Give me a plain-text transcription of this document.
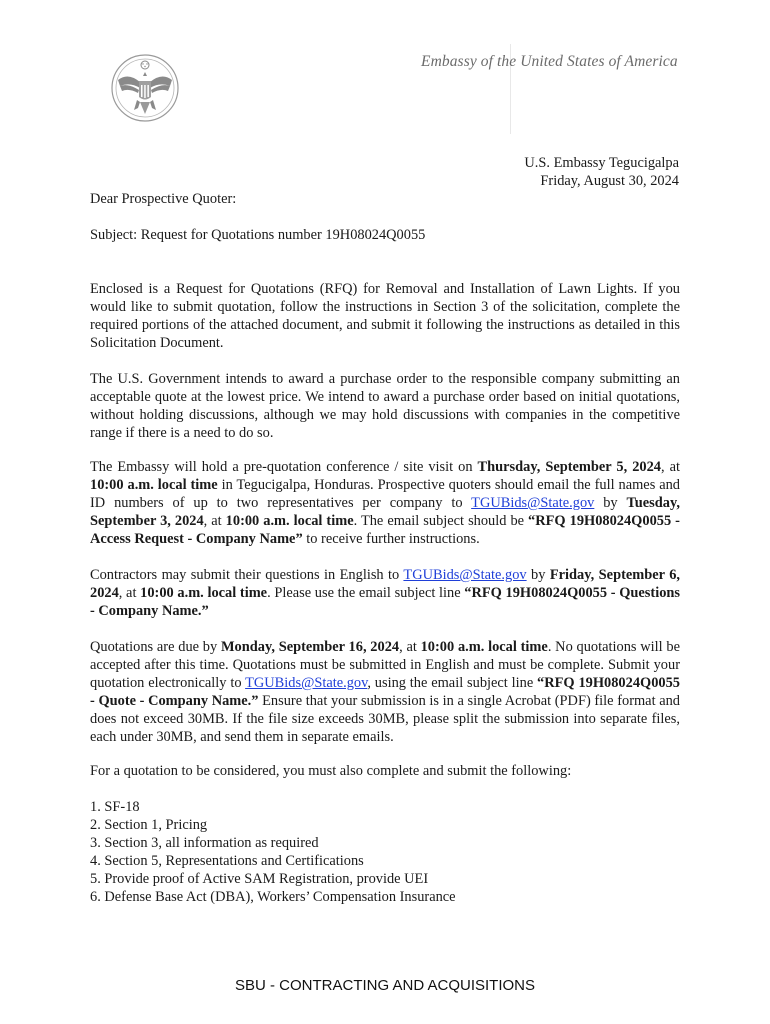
Embassy of the United States of America
U.S. Embassy Tegucigalpa
Friday, August 30, 2024
Dear Prospective Quoter:
Subject: Request for Quotations number 19H08024Q0055

Enclosed is a Request for Quotations (RFQ) for Removal and Installation of Lawn Lights. If you would like to submit quotation, follow the instructions in Section 3 of the solicitation, complete the required portions of the attached document, and submit it following the instructions as detailed in this Solicitation Document.

The U.S. Government intends to award a purchase order to the responsible company submitting an acceptable quote at the lowest price. We intend to award a purchase order based on initial quotations, without holding discussions, although we may hold discussions with companies in the competitive range if there is a need to do so.

The Embassy will hold a pre-quotation conference / site visit on Thursday, September 5, 2024, at 10:00 a.m. local time in Tegucigalpa, Honduras. Prospective quoters should email the full names and ID numbers of up to two representatives per company to TGUBids@State.gov by Tuesday, September 3, 2024, at 10:00 a.m. local time. The email subject should be “RFQ 19H08024Q0055 - Access Request - Company Name” to receive further instructions.

Contractors may submit their questions in English to TGUBids@State.gov by Friday, September 6, 2024, at 10:00 a.m. local time. Please use the email subject line “RFQ 19H08024Q0055 - Questions - Company Name.”

Quotations are due by Monday, September 16, 2024, at 10:00 a.m. local time. No quotations will be accepted after this time. Quotations must be submitted in English and must be complete. Submit your quotation electronically to TGUBids@State.gov, using the email subject line “RFQ 19H08024Q0055 - Quote - Company Name.” Ensure that your submission is in a single Acrobat (PDF) file format and does not exceed 30MB. If the file size exceeds 30MB, please split the submission into separate files, each under 30MB, and send them in separate emails.

For a quotation to be considered, you must also complete and submit the following:
1. SF-18
2. Section 1, Pricing
3. Section 3, all information as required
4. Section 5, Representations and Certifications
5. Provide proof of Active SAM Registration, provide UEI
6. Defense Base Act (DBA), Workers’ Compensation Insurance
SBU - CONTRACTING AND ACQUISITIONS
